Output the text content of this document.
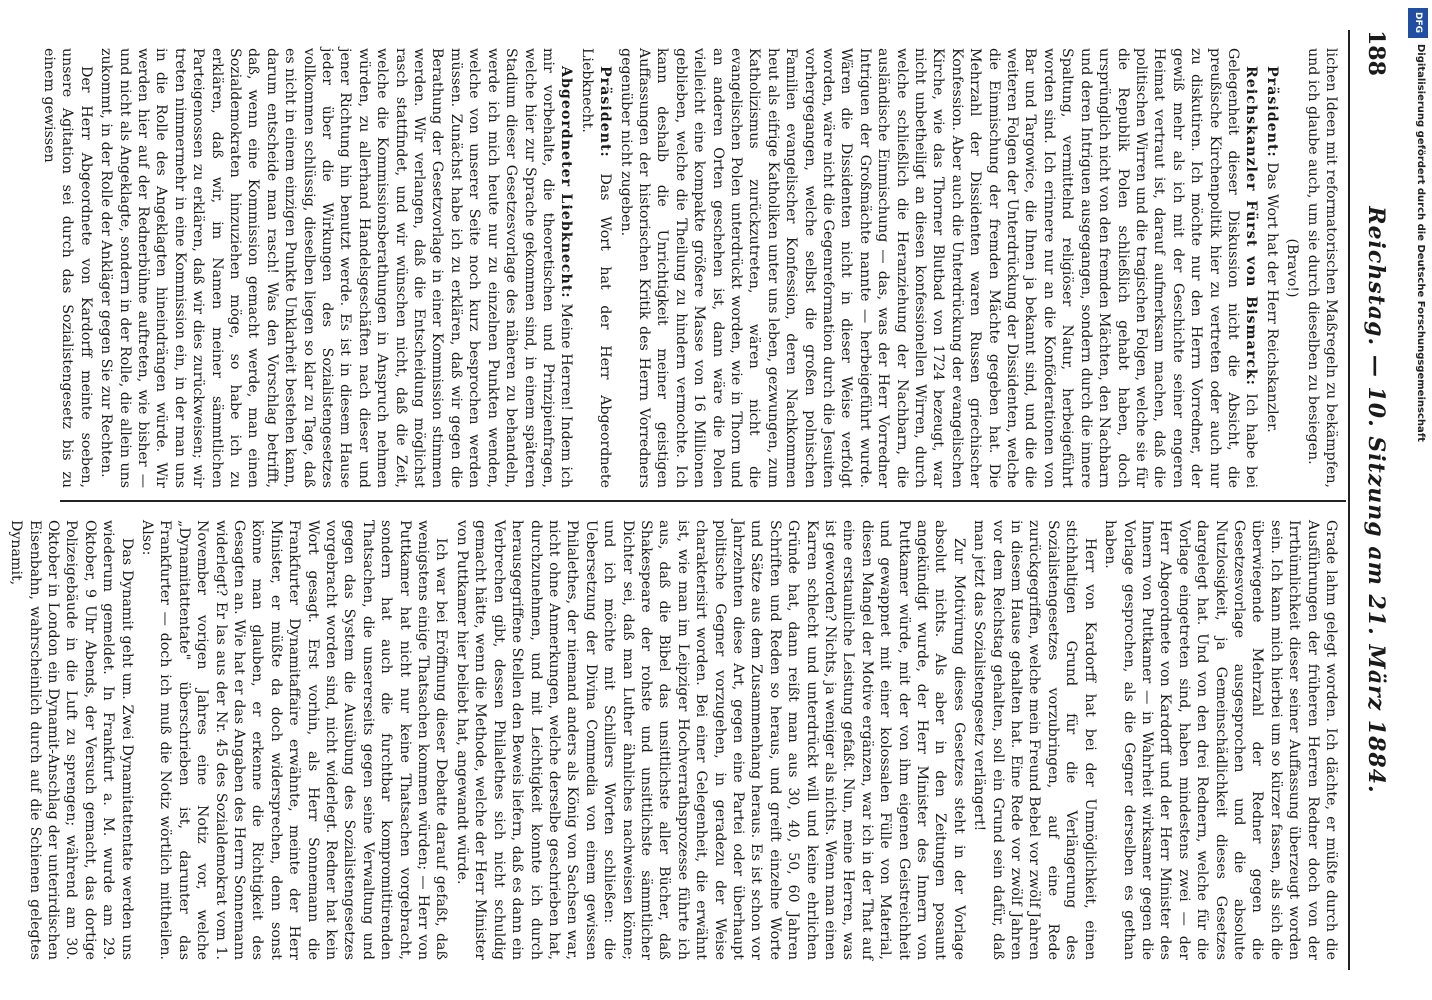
188
Reichstag. — 10. Sitzung am 21. März 1884.

lichen Ideen mit reformatorischen Maßregeln zu bekämpfen, und ich glaube auch, um sie durch dieselben zu besiegen.

(Bravo!)

Präsident: Das Wort hat der Herr Reichskanzler.

Reichskanzler Fürst von Bismarck: Ich habe bei Gelegenheit dieser Diskussion nicht die Absicht, die preußische Kirchenpolitik hier zu vertreten oder auch nur zu diskutiren. Ich möchte nur den Herrn Vorredner, der gewiß mehr als ich mit der Geschichte seiner engeren Heimat vertraut ist, darauf aufmerksam machen, daß die politischen Wirren und die tragischen Folgen, welche sie für die Republik Polen schließlich gehabt haben, doch ursprünglich nicht von den fremden Mächten, den Nachbarn und deren Intriguen ausgegangen, sondern durch die innere Spaltung, vermittelnd religiöser Natur, herbeigeführt worden sind. Ich erinnere nur an die Konföderationen von Bar und Targowice, die Ihnen ja bekannt sind, und die die weiteren Folgen der Unterdrückung der Dissidenten, welche die Einmischung der fremden Mächte gegeben hat. Die Mehrzahl der Dissidenten waren Russen griechischer Konfession. Aber auch die Unterdrückung der evangelischen Kirche, wie das Thorner Blutbad von 1724 bezeugt, war nicht unbetheiligt an diesen konfessionellen Wirren, durch welche schließlich die Heranziehung der Nachbarn, die ausländische Einmischung — das, was der Herr Vorredner Intriguen der Großmächte nannte — herbeigeführt wurde. Wären die Dissidenten nicht in dieser Weise verfolgt worden, wäre nicht die Gegenreformation durch die Jesuiten vorhergegangen, welche selbst die großen polnischen Familien evangelischer Konfession, deren Nachkommen heut als eifrige Katholiken unter uns leben, gezwungen, zum Katholizismus zurückzutreten, wären nicht die evangelischen Polen unterdrückt worden, wie in Thorn und an anderen Orten geschehen ist, dann wäre die Polen vielleicht eine kompakte größere Masse von 16 Millionen geblieben, welche die Theilung zu hindern vermochte. Ich kann deshalb die Unrichtigkeit meiner geistigen Auffassungen der historischen Kritik des Herrn Vorredners gegenüber nicht zugeben.

Präsident: Das Wort hat der Herr Abgeordnete Liebknecht.

Abgeordneter Liebknecht: Meine Herren! Indem ich mir vorbehalte, die theoretischen und Prinzipienfragen, welche hier zur Sprache gekommen sind, in einem späteren Stadium dieser Gesetzesvorlage des näheren zu behandeln, werde ich mich heute nur zu einzelnen Punkten wenden, welche von unserer Seite noch kurz besprochen werden müssen. Zunächst habe ich zu erklären, daß wir gegen die Berathung der Gesetzvorlage in einer Kommission stimmen werden. Wir verlangen, daß die Entscheidung möglichst rasch stattfindet, und wir wünschen nicht, daß die Zeit, welche die Kommissionsberathungen in Anspruch nehmen würden, zu allerhand Handelsgeschäften nach dieser und jener Richtung hin benutzt werde. Es ist in diesem Hause jeder über die Wirkungen des Sozialistengesetzes vollkommen schlüssig, dieselben liegen so klar zu Tage, daß es nicht in einem einzigen Punkte Unklarheit bestehen kann, darum entscheide man rasch! Was den Vorschlag betrifft, daß, wenn eine Kommission gemacht werde, man einen Sozialdemokraten hinzuziehen möge, so habe ich zu erklären, daß wir, im Namen meiner sämmtlichen Parteigenossen zu erklären, daß wir dies zurückweisen; wir treten nimmermehr in eine Kommission ein, in der man uns in die Rolle des Angeklagten hineindrängen würde. Wir werden hier auf der Rednerbühne auftreten, wie bisher — und nicht als Angeklagte, sondern in der Rolle, die allein uns zukommt, in der Rolle der Ankläger gegen Sie zur Rechten.

Der Herr Abgeordnete von Kardorff meinte soeben, unsere Agitation sei durch das Sozialistengesetz bis zu einem gewissen

Grade lahm gelegt worden. Ich dächte, er müßte durch die Ausführungen der früheren Herren Redner doch von der Irrthümlichkeit dieser seiner Auffassung überzeugt worden sein. Ich kann mich hierbei um so kürzer fassen, als sich die überwiegende Mehrzahl der Redner gegen die Gesetzesvorlage ausgesprochen und die absolute Nutzlosigkeit, ja Gemeinschädlichkeit dieses Gesetzes dargelegt hat. Und von den drei Rednern, welche für die Vorlage eingetreten sind, haben mindestens zwei — der Herr Abgeordnete von Kardorff und der Herr Minister des Innern von Puttkamer — in Wahrheit wirksamer gegen die Vorlage gesprochen, als die Gegner derselben es gethan haben.

Herr von Kardorff hat bei der Unmöglichkeit, einen stichhaltigen Grund für die Verlängerung des Sozialistengesetzes vorzubringen, auf eine Rede zurückgegriffen, welche mein Freund Bebel vor zwölf Jahren in diesem Hause gehalten hat. Eine Rede vor zwölf Jahren vor dem Reichstag gehalten, soll ein Grund sein dafür, daß man jetzt das Sozialistengesetz verlängert!

Zur Motivirung dieses Gesetzes steht in der Vorlage absolut nichts. Als aber in den Zeitungen posaunt angekündigt wurde, der Herr Minister des Innern von Puttkamer würde, mit der von ihm eigenen Geistreichheit und gewappnet mit einer kolossalen Fülle von Material, diesen Mangel der Motive ergänzen, war ich in der That auf eine erstaunliche Leistung gefaßt. Nun, meine Herren, was ist geworden? Nichts, ja weniger als nichts. Wenn man einen Karren schlecht und unterdrückt will und keine ehrlichen Gründe hat, dann reißt man aus 30, 40, 50, 60 Jahren Schriften und Reden so heraus, und greift einzelne Worte und Sätze aus dem Zusammenhang heraus. Es ist schon vor Jahrzehnten diese Art, gegen eine Partei oder überhaupt politische Gegner vorzugehen, in geradezu der Weise charakterisirt worden. Bei einer Gelegenheit, die erwähnt ist, wie man im Leipziger Hochverrathsprozesse führte ich aus, daß die Bibel das unsittlichste aller Bücher, daß Shakespeare der rohste und unsittlichste sämmtlicher Dichter sei, daß man Luther ähnliches nachweisen könne; und ich möchte mit Schillers Worten schließen: die Uebersetzung der Divina Commedia von einem gewissen Philalethes, der niemand anders als König von Sachsen war, nicht ohne Anmerkungen, welche derselbe geschrieben hat, durchzunehmen, und mit Leichtigkeit konnte ich durch herausgegriffene Stellen den Beweis liefern, daß es dann ein Verbrechen gibt, dessen Philalethes sich nicht schuldig gemacht hätte, wenn die Methode, welche der Herr Minister von Puttkamer hier beliebt hat, angewandt würde.

Ich war bei Eröffnung dieser Debatte darauf gefaßt, daß wenigstens einige Thatsachen kommen würden; — Herr von Puttkamer hat nicht nur keine Thatsachen vorgebracht, sondern hat auch die furchtbar kompromittirenden Thatsachen, die unsererseits gegen seine Verwaltung und gegen das System die Ausübung des Sozialistengesetzes vorgebracht worden sind, nicht widerlegt. Redner hat kein Wort gesagt. Erst vorhin, als Herr Sonnemann die Frankfurter Dynamitaffaire erwähnte, meinte der Herr Minister, er müßte da doch widersprechen, denn sonst könne man glauben, er erkenne die Richtigkeit des Gesagten an. Wie hat er das Angaben des Herrn Sonnemann widerlegt? Er las aus der Nr. 45 des Sozialdemokrat vom 1. November vorigen Jahres eine Notiz vor, welche „Dynamitattentate" überschrieben ist, darunter das Frankfurter — doch ich muß die Notiz wörtlich mittheilen. Also:

Das Dynamit geht um. Zwei Dynamitattentate werden uns wiederum gemeldet. In Frankfurt a. M. wurde am 29. Oktober, 9 Uhr Abends, der Versuch gemacht, das dortige Polizeigebäude in die Luft zu sprengen; während am 30. Oktober in London ein Dynamit-Anschlag der unterirdischen Eisenbahn, wahrscheinlich durch auf die Schienen gelegtes Dynamit,

DFG
Digitalisierung gefördert durch die Deutsche Forschungsgemeinschaft
